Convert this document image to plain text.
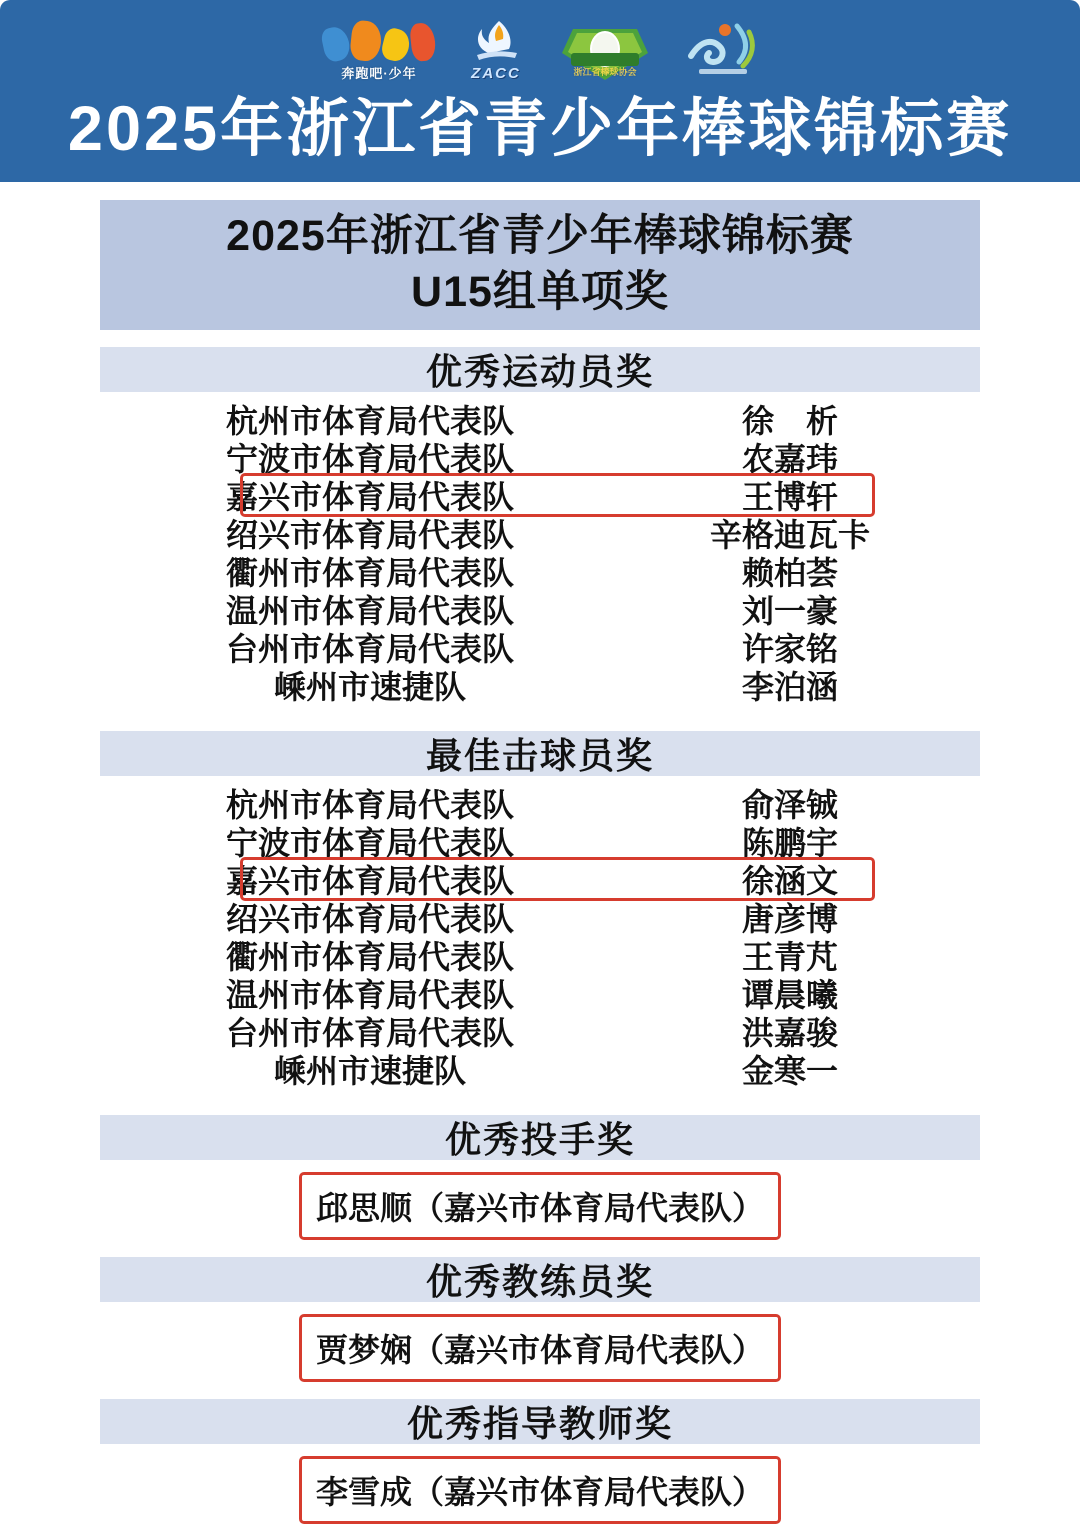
奔跑吧·少年	ZACC	浙江省棒球协会
2025年浙江省青少年棒球锦标赛
2025年浙江省青少年棒球锦标赛
U15组单项奖
优秀运动员奖
杭州市体育局代表队	徐　析
宁波市体育局代表队	农嘉玮
嘉兴市体育局代表队	王博轩
绍兴市体育局代表队	辛格迪瓦卡
衢州市体育局代表队	赖柏荟
温州市体育局代表队	刘一豪
台州市体育局代表队	许家铭
嵊州市速捷队	李泊涵
最佳击球员奖
杭州市体育局代表队	俞泽铖
宁波市体育局代表队	陈鹏宇
嘉兴市体育局代表队	徐涵文
绍兴市体育局代表队	唐彦博
衢州市体育局代表队	王青芃
温州市体育局代表队	谭晨曦
台州市体育局代表队	洪嘉骏
嵊州市速捷队	金寒一
优秀投手奖
邱思顺（嘉兴市体育局代表队）
优秀教练员奖
贾梦娴（嘉兴市体育局代表队）
优秀指导教师奖
李雪成（嘉兴市体育局代表队）
